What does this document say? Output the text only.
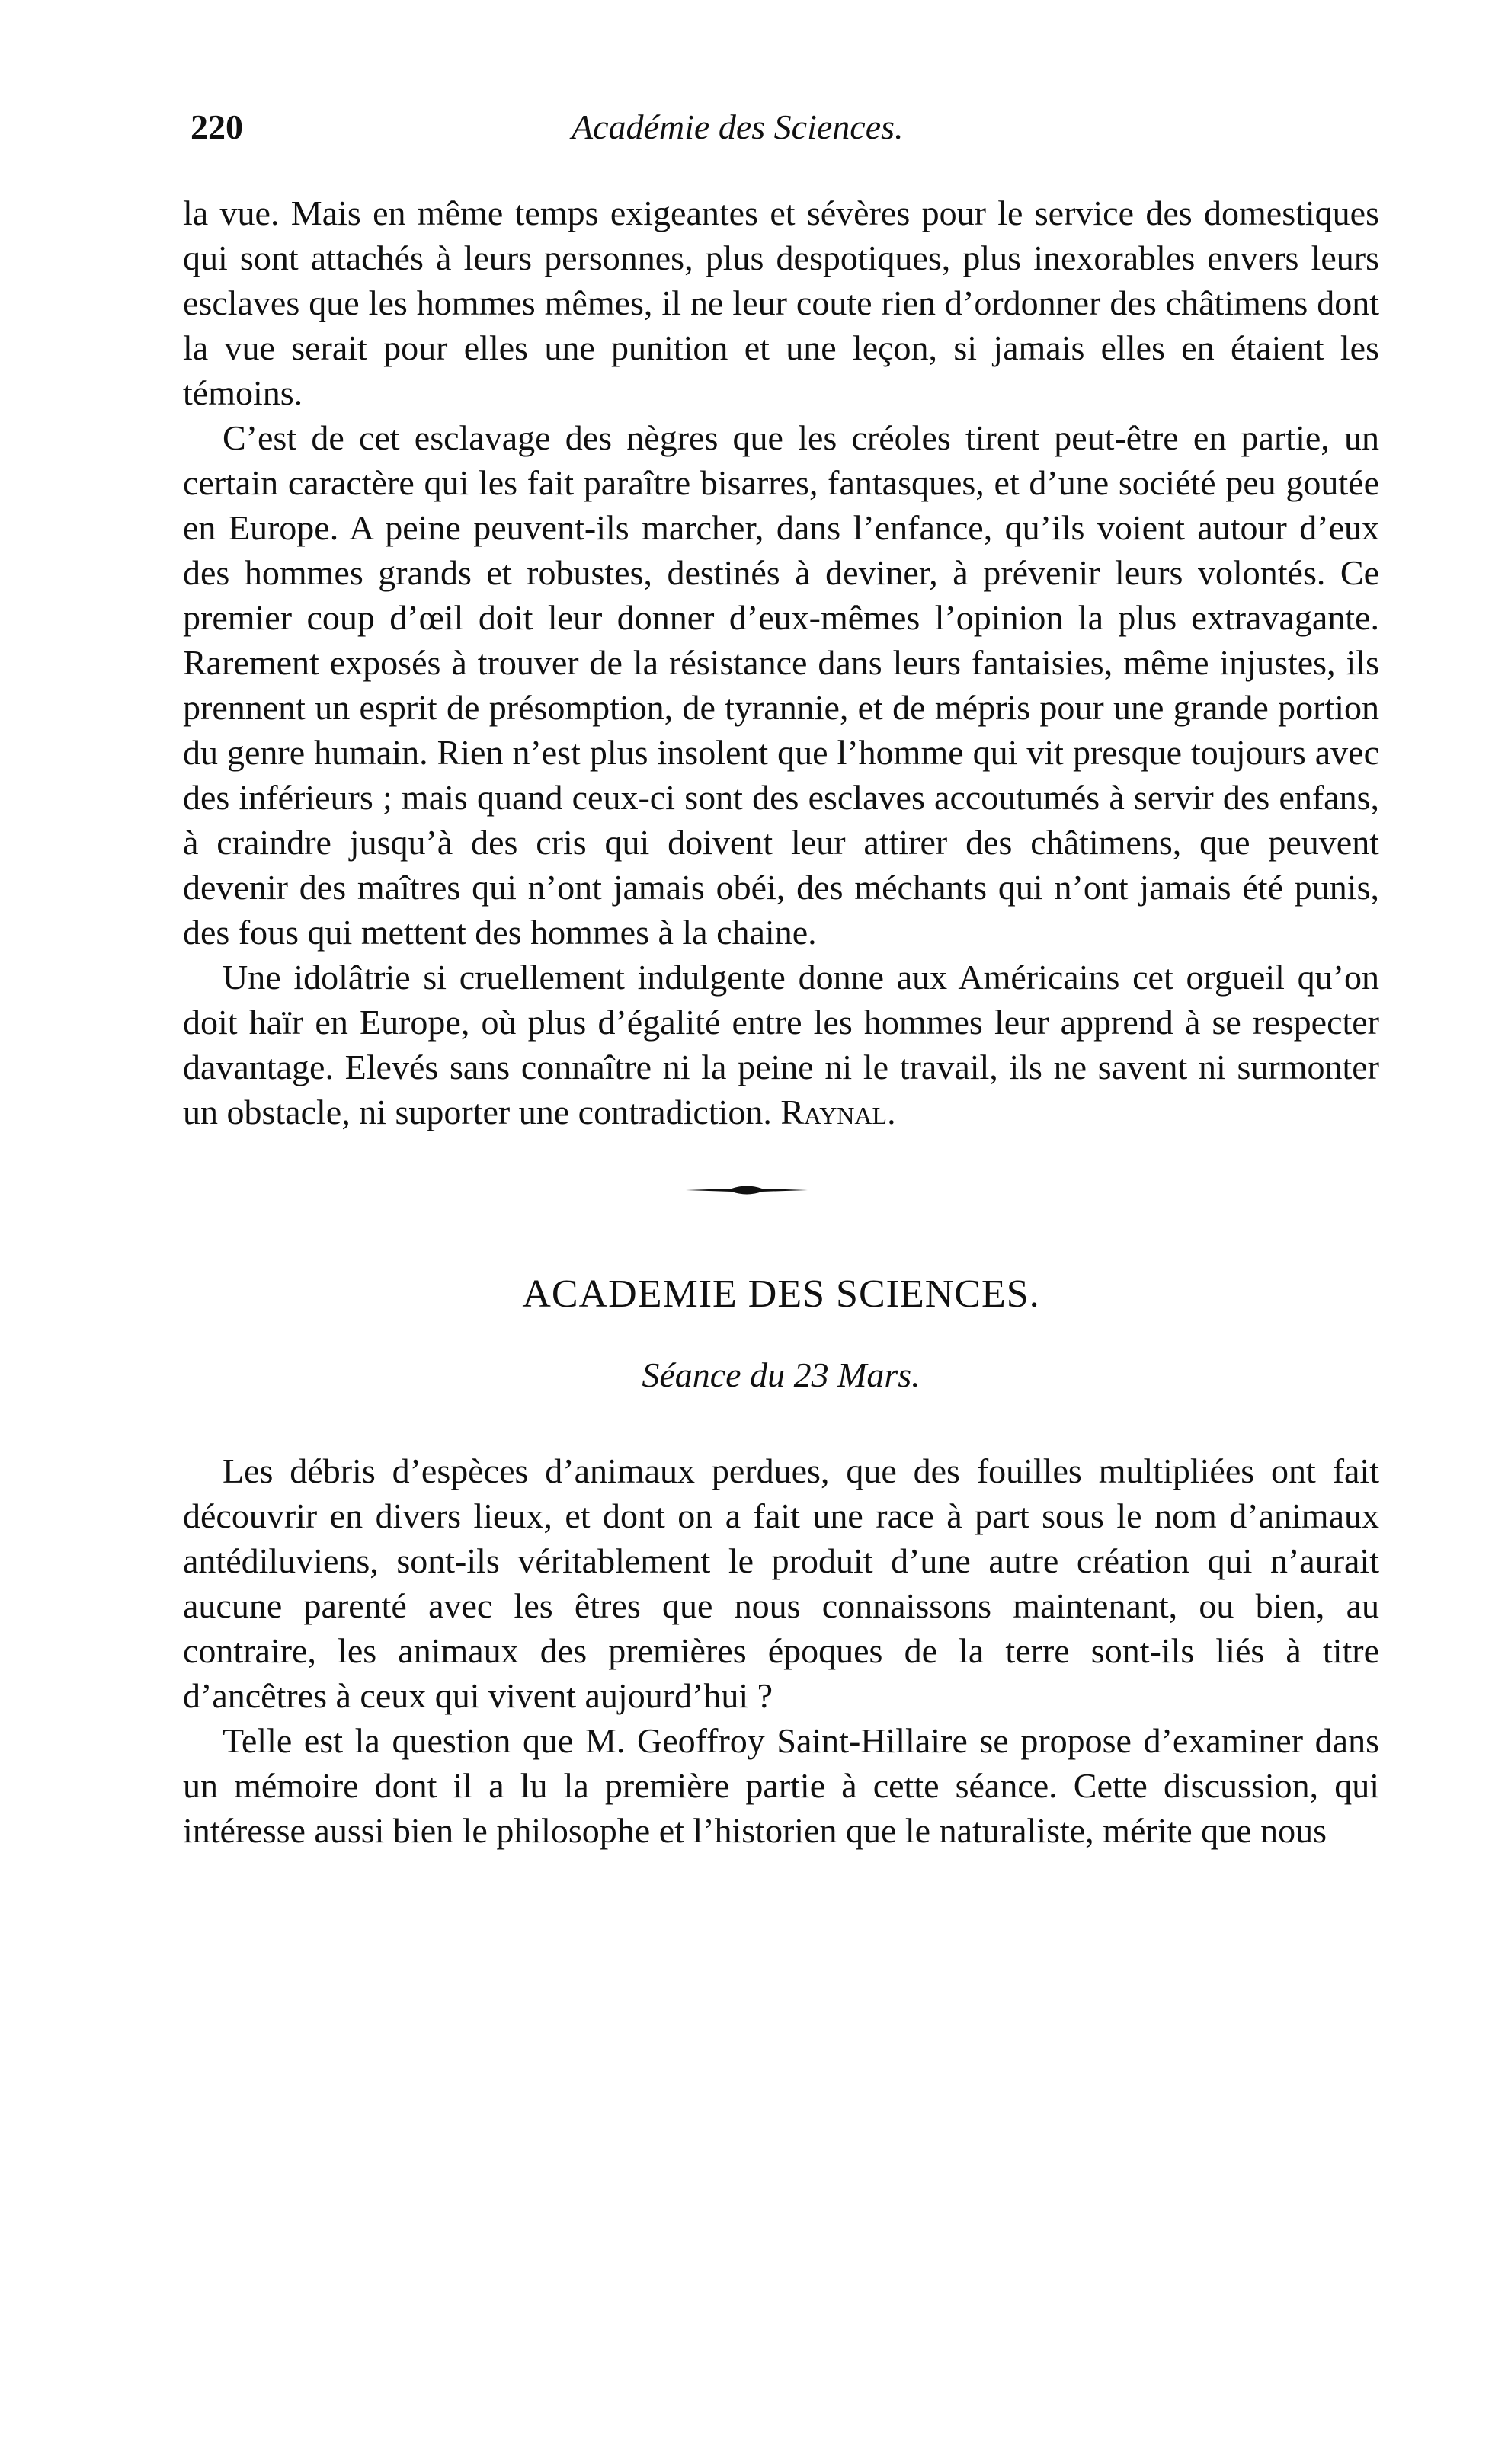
220	Académie des Sciences.

la vue. Mais en même temps exigeantes et sévères pour le service des domestiques qui sont attachés à leurs personnes, plus despotiques, plus inexorables envers leurs esclaves que les hommes mêmes, il ne leur coute rien d’ordonner des châtimens dont la vue serait pour elles une punition et une leçon, si jamais elles en étaient les témoins.

C’est de cet esclavage des nègres que les créoles tirent peut-être en partie, un certain caractère qui les fait paraître bisarres, fantasques, et d’une société peu goutée en Europe. A peine peuvent-ils marcher, dans l’enfance, qu’ils voient autour d’eux des hommes grands et robustes, destinés à deviner, à prévenir leurs volontés. Ce premier coup d’œil doit leur donner d’eux-mêmes l’opinion la plus extravagante. Rarement exposés à trouver de la résistance dans leurs fantaisies, même injustes, ils prennent un esprit de présomption, de tyrannie, et de mépris pour une grande portion du genre humain. Rien n’est plus insolent que l’homme qui vit presque toujours avec des inférieurs ; mais quand ceux-ci sont des esclaves accoutumés à servir des enfans, à craindre jusqu’à des cris qui doivent leur attirer des châtimens, que peuvent devenir des maîtres qui n’ont jamais obéi, des méchants qui n’ont jamais été punis, des fous qui mettent des hommes à la chaine.

Une idolâtrie si cruellement indulgente donne aux Américains cet orgueil qu’on doit haïr en Europe, où plus d’égalité entre les hommes leur apprend à se respecter davantage. Elevés sans connaître ni la peine ni le travail, ils ne savent ni surmonter un obstacle, ni suporter une contradiction. Raynal.

ACADEMIE DES SCIENCES.
Séance du 23 Mars.

Les débris d’espèces d’animaux perdues, que des fouilles multipliées ont fait découvrir en divers lieux, et dont on a fait une race à part sous le nom d’animaux antédiluviens, sont-ils véritablement le produit d’une autre création qui n’aurait aucune parenté avec les êtres que nous connaissons maintenant, ou bien, au contraire, les animaux des premières époques de la terre sont-ils liés à titre d’ancêtres à ceux qui vivent aujourd’hui ?

Telle est la question que M. Geoffroy Saint-Hillaire se propose d’examiner dans un mémoire dont il a lu la première partie à cette séance. Cette discussion, qui intéresse aussi bien le philosophe et l’historien que le naturaliste, mérite que nous
